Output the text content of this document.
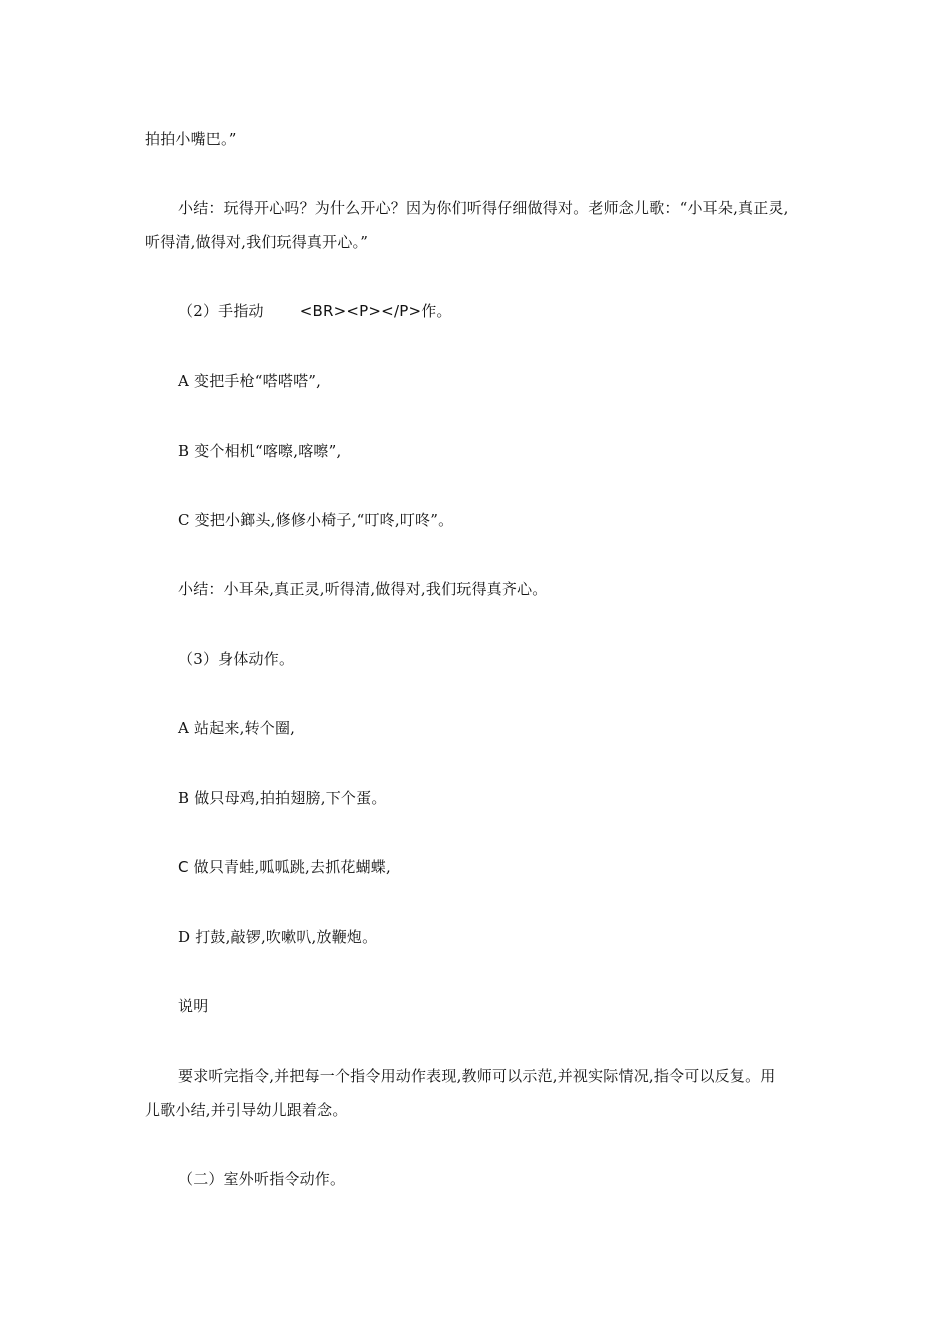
拍拍小嘴巴。”
小结：玩得开心吗？为什么开心？因为你们听得仔细做得对。老师念儿歌：“小耳朵,真正灵,
听得清,做得对,我们玩得真开心。”
（2）手指动 <BR><P></P>作。
A 变把手枪“嗒嗒嗒”,
B 变个相机“喀嚓,喀嚓”,
C 变把小鎯头,修修小椅子,“叮咚,叮咚”。
小结：小耳朵,真正灵,听得清,做得对,我们玩得真齐心。
（3）身体动作。
A 站起来,转个圈,
B 做只母鸡,拍拍翅膀,下个蛋。
C 做只青蛙,呱呱跳,去抓花蝴蝶,
D 打鼓,敲锣,吹嗽叭,放鞭炮。
说明
要求听完指令,并把每一个指令用动作表现,教师可以示范,并视实际情况,指令可以反复。用
儿歌小结,并引导幼儿跟着念。
（二）室外听指令动作。
